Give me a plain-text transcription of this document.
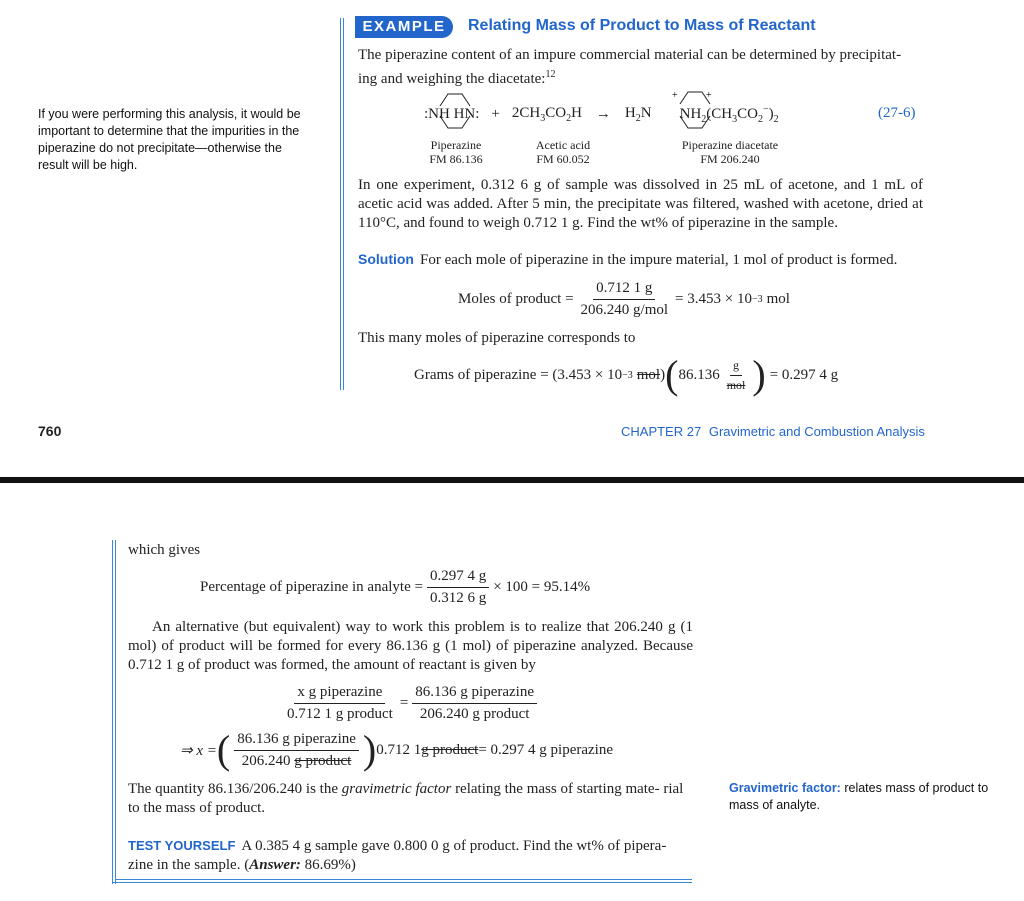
EXAMPLE	Relating Mass of Product to Mass of Reactant
The piperazine content of an impure commercial material can be determined by precipitat-
ing and weighing the diacetate:$^{12}$
If you were performing this analysis, it would be important to determine that the impurities in the piperazine do not precipitate—otherwise the result will be high.
:NH HN: + $2CH_3CO_2H \to H_2N$ $NH_2(CH_3CO_2^-)_2$
+	+
(27-6)
Piperazine
FM 86.136
Acetic acid
FM 60.052
Piperazine diacetate
FM 206.240
In one experiment, 0.312 6 g of sample was dissolved in 25 mL of acetone, and 1 mL of acetic acid was added. After 5 min, the precipitate was filtered, washed with acetone, dried at 110°C, and found to weigh 0.712 1 g. Find the wt% of piperazine in the sample.
Solution For each mole of piperazine in the impure material, 1 mol of product is formed.
Moles of product = $\frac{0.712 1 g}{\text{206.240 g/mol}} = 3.453 \times 10 -3$ mol
This many moles of piperazine corresponds to
Grams of piperazine = (3.453 × 10 −3 mol ) ( $86.136 \frac{g}{\text{mol}}$ ) = 0.297 4 g
760	CHAPTER 27 Gravimetric and Combustion Analysis
which gives
Percentage of piperazine in analyte = $\frac{0.297 4 g}{0.312 6 g} \times 100 = 95.14\%$
An alternative (but equivalent) way to work this problem is to realize that 206.240 g (1 mol) of product will be formed for every 86.136 g (1 mol) of piperazine analyzed. Because 0.712 1 g of product was formed, the amount of reactant is given by
$\frac{\text{x g piperazine}}{\text{0.712 1 g product}} = \frac{\text{86.136 g piperazine}}{\text{206.240 g product}}$
⇒ x = ( $\frac{\text{86.136 g piperazine}}{\text{206.240 g product}}$ ) 0.712 1 g product = 0.297 4 g piperazine
The quantity 86.136/206.240 is the gravimetric factor relating the mass of starting mate- rial to the mass of product.
Gravimetric factor: relates mass of product to mass of analyte.
TEST YOURSELF A 0.385 4 g sample gave 0.800 0 g of product. Find the wt% of pipera- zine in the sample. (Answer: 86.69%)
